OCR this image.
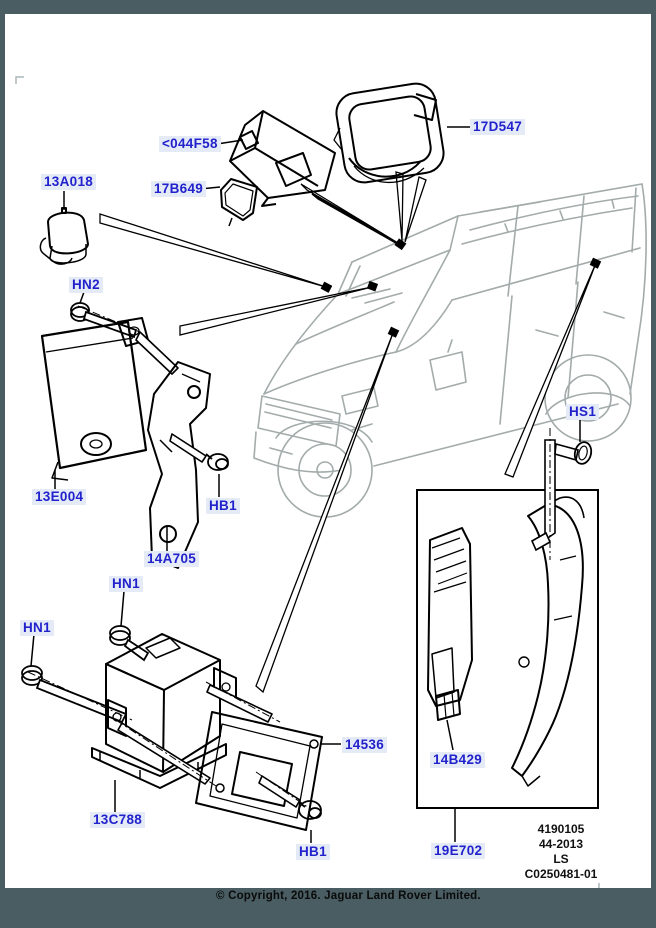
<044F58
17D547
13A018	17B649
HN2
13E004
HB1
14A705
HN1
HN1
13C788
HB1
14536
14B429
19E702
HS1
4190105
44-2013
LS
C0250481-01
© Copyright, 2016. Jaguar Land Rover Limited.
